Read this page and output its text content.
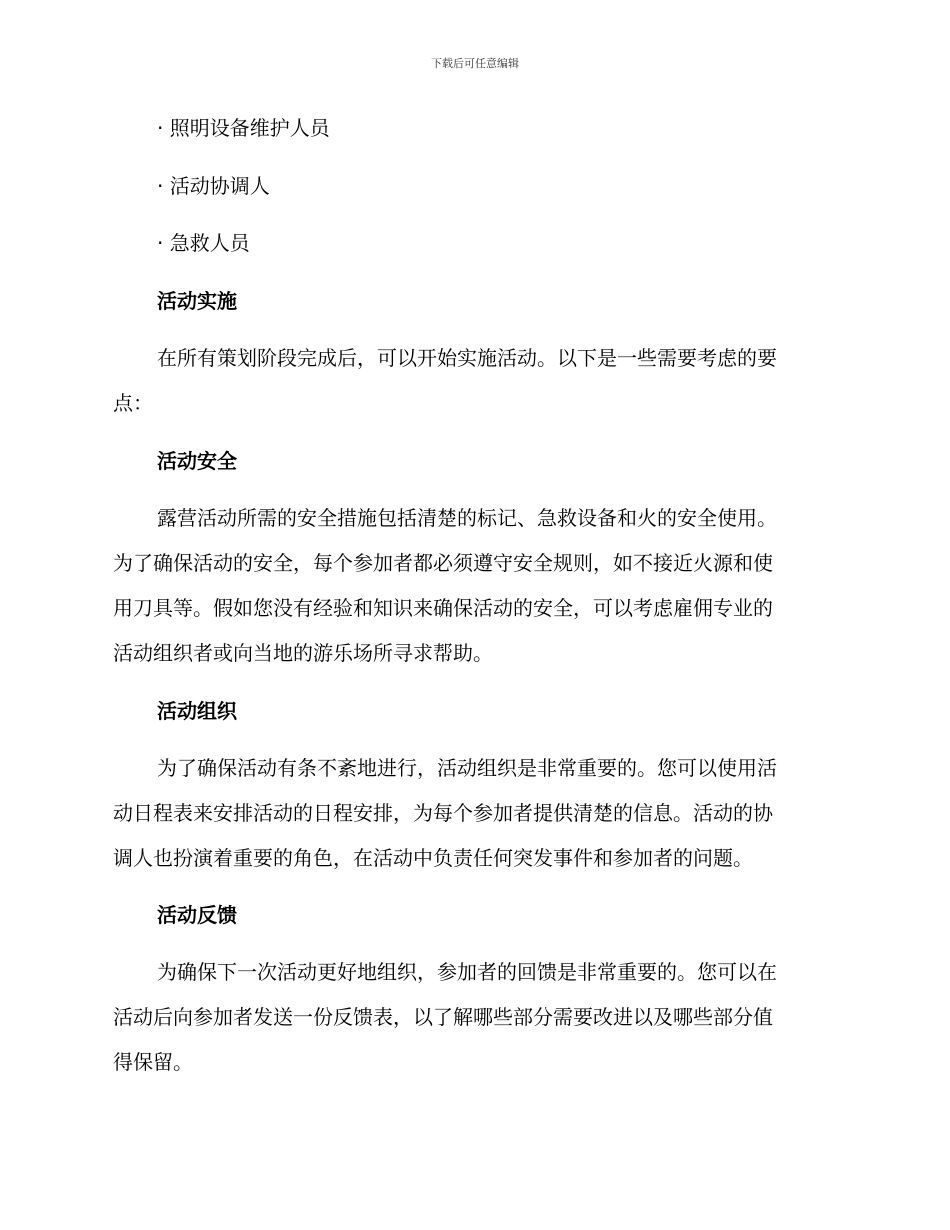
下载后可任意编辑
· 照明设备维护人员
· 活动协调人
· 急救人员
活动实施
在所有策划阶段完成后，可以开始实施活动。以下是一些需要考虑的要
点：
活动安全
露营活动所需的安全措施包括清楚的标记、急救设备和火的安全使用。
为了确保活动的安全，每个参加者都必须遵守安全规则，如不接近火源和使
用刀具等。假如您没有经验和知识来确保活动的安全，可以考虑雇佣专业的
活动组织者或向当地的游乐场所寻求帮助。
活动组织
为了确保活动有条不紊地进行，活动组织是非常重要的。您可以使用活
动日程表来安排活动的日程安排，为每个参加者提供清楚的信息。活动的协
调人也扮演着重要的角色，在活动中负责任何突发事件和参加者的问题。
活动反馈
为确保下一次活动更好地组织，参加者的回馈是非常重要的。您可以在
活动后向参加者发送一份反馈表，以了解哪些部分需要改进以及哪些部分值
得保留。
